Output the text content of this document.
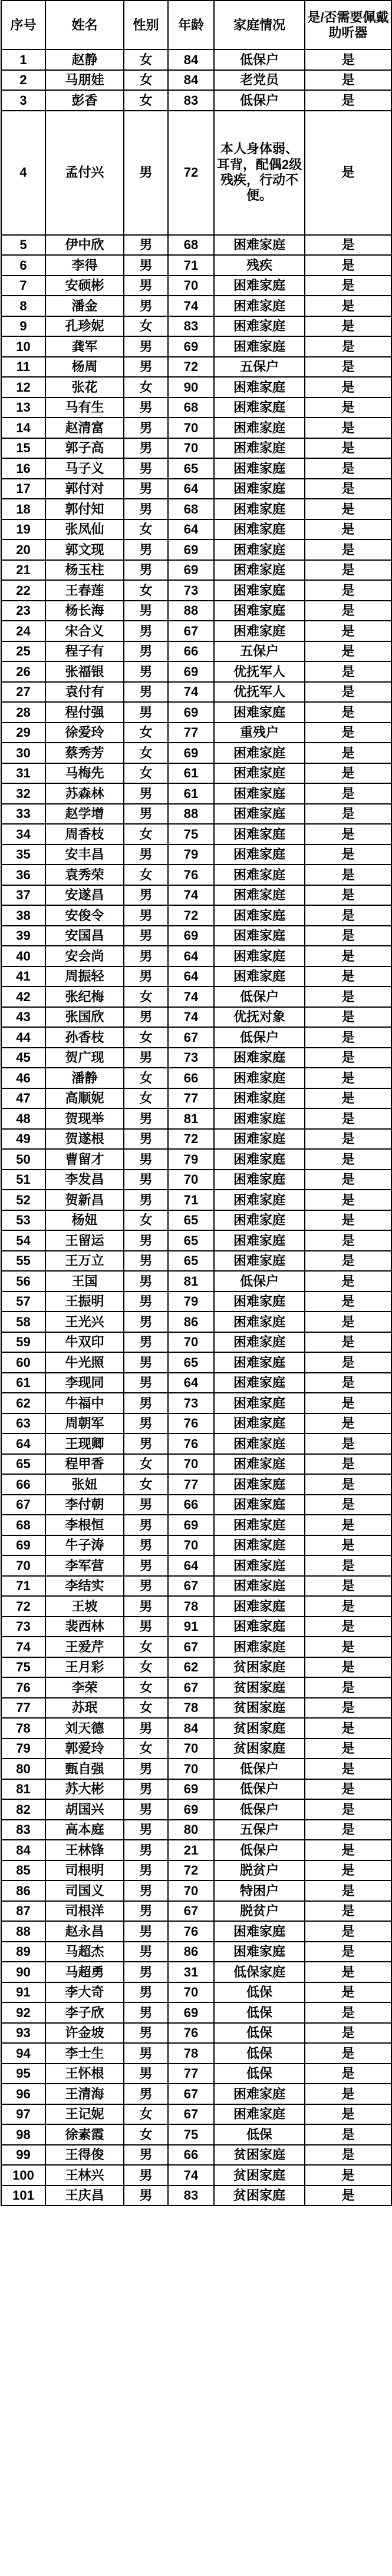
序号	姓名	性别	年龄	家庭情况	是/否需要佩戴助听器
1	赵静	女	84	低保户	是
2	马朋娃	女	84	老党员	是
3	彭香	女	83	低保户	是
4	孟付兴	男	72	本人身体弱、耳背，配偶2级残疾，行动不便。	是
5	伊中欣	男	68	困难家庭	是
6	李得	男	71	残疾	是
7	安硕彬	男	70	困难家庭	是
8	潘金	男	74	困难家庭	是
9	孔珍妮	女	83	困难家庭	是
10	龚军	男	69	困难家庭	是
11	杨周	男	72	五保户	是
12	张花	女	90	困难家庭	是
13	马有生	男	68	困难家庭	是
14	赵清富	男	70	困难家庭	是
15	郭子高	男	70	困难家庭	是
16	马子义	男	65	困难家庭	是
17	郭付对	男	64	困难家庭	是
18	郭付知	男	68	困难家庭	是
19	张凤仙	女	64	困难家庭	是
20	郭文现	男	69	困难家庭	是
21	杨玉柱	男	69	困难家庭	是
22	王春莲	女	73	困难家庭	是
23	杨长海	男	88	困难家庭	是
24	宋合义	男	67	困难家庭	是
25	程子有	男	66	五保户	是
26	张福银	男	69	优抚军人	是
27	袁付有	男	74	优抚军人	是
28	程付强	男	69	困难家庭	是
29	徐爱玲	女	77	重残户	是
30	蔡秀芳	女	69	困难家庭	是
31	马梅先	女	61	困难家庭	是
32	苏森林	男	61	困难家庭	是
33	赵学增	男	88	困难家庭	是
34	周香枝	女	75	困难家庭	是
35	安丰昌	男	79	困难家庭	是
36	袁秀荣	女	76	困难家庭	是
37	安遂昌	男	74	困难家庭	是
38	安俊令	男	72	困难家庭	是
39	安国昌	男	69	困难家庭	是
40	安会尚	男	64	困难家庭	是
41	周振轻	男	64	困难家庭	是
42	张纪梅	女	74	低保户	是
43	张国欣	男	74	优抚对象	是
44	孙香枝	女	67	低保户	是
45	贺广现	男	73	困难家庭	是
46	潘静	女	66	困难家庭	是
47	高顺妮	女	77	困难家庭	是
48	贺现举	男	81	困难家庭	是
49	贺遂根	男	72	困难家庭	是
50	曹留才	男	79	困难家庭	是
51	李发昌	男	70	困难家庭	是
52	贺新昌	男	71	困难家庭	是
53	杨妞	女	65	困难家庭	是
54	王留运	男	65	困难家庭	是
55	王万立	男	65	困难家庭	是
56	王国	男	81	低保户	是
57	王振明	男	79	困难家庭	是
58	王光兴	男	86	困难家庭	是
59	牛双印	男	70	困难家庭	是
60	牛光照	男	65	困难家庭	是
61	李现同	男	64	困难家庭	是
62	牛福中	男	73	困难家庭	是
63	周朝军	男	76	困难家庭	是
64	王现卿	男	76	困难家庭	是
65	程甲香	女	70	困难家庭	是
66	张妞	女	77	困难家庭	是
67	李付朝	男	66	困难家庭	是
68	李根恒	男	69	困难家庭	是
69	牛子涛	男	70	困难家庭	是
70	李军营	男	64	困难家庭	是
71	李结实	男	67	困难家庭	是
72	王坡	男	78	困难家庭	是
73	裴西林	男	91	困难家庭	是
74	王爱芹	女	67	困难家庭	是
75	王月彩	女	62	贫困家庭	是
76	李荣	女	67	贫困家庭	是
77	苏珉	女	78	贫困家庭	是
78	刘天德	男	84	贫困家庭	是
79	郭爱玲	女	70	贫困家庭	是
80	甄自强	男	70	低保户	是
81	苏大彬	男	69	低保户	是
82	胡国兴	男	69	低保户	是
83	高本庭	男	80	五保户	是
84	王林锋	男	21	低保户	是
85	司根明	男	72	脱贫户	是
86	司国义	男	70	特困户	是
87	司根洋	男	67	脱贫户	是
88	赵永昌	男	76	困难家庭	是
89	马超杰	男	86	困难家庭	是
90	马超勇	男	31	低保家庭	是
91	李大奇	男	70	低保	是
92	李子欣	男	69	低保	是
93	许金坡	男	76	低保	是
94	李士生	男	78	低保	是
95	王怀根	男	77	低保	是
96	王清海	男	67	困难家庭	是
97	王记妮	女	67	困难家庭	是
98	徐素霞	女	75	低保	是
99	王得俊	男	66	贫困家庭	是
100	王林兴	男	74	贫困家庭	是
101	王庆昌	男	83	贫困家庭	是
